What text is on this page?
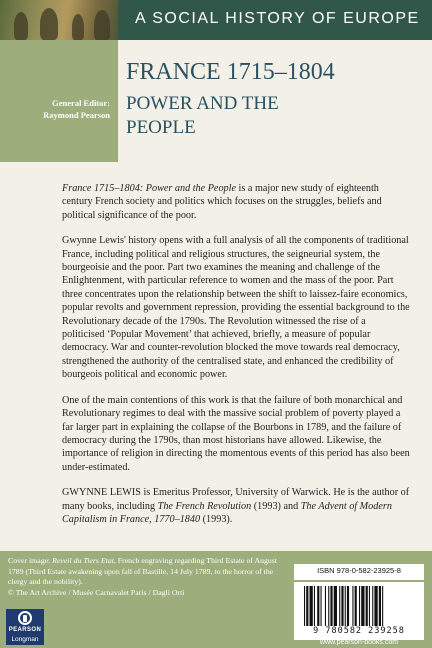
A SOCIAL HISTORY OF EUROPE
General Editor:
Raymond Pearson
FRANCE 1715–1804
POWER AND THE PEOPLE

France 1715–1804: Power and the People is a major new study of eighteenth century French society and politics which focuses on the struggles, beliefs and political significance of the poor.

Gwynne Lewis' history opens with a full analysis of all the components of traditional France, including political and religious structures, the seigneurial system, the bourgeoisie and the poor. Part two examines the meaning and challenge of the Enlightenment, with particular reference to women and the mass of the poor. Part three concentrates upon the relationship between the shift to laissez-faire economics, popular revolts and government repression, providing the essential background to the Revolutionary decade of the 1790s. The Revolution witnessed the rise of a politicised ‘Popular Movement’ that achieved, briefly, a measure of popular democracy. War and counter-revolution blocked the move towards real democracy, strengthened the authority of the centralised state, and enhanced the credibility of bourgeois political and economic power.

One of the main contentions of this work is that the failure of both monarchical and Revolutionary regimes to deal with the massive social problem of poverty played a far larger part in explaining the collapse of the Bourbons in 1789, and the failure of democracy during the 1790s, than most historians have allowed. Likewise, the importance of religion in directing the momentous events of this period has also been under-estimated.

GWYNNE LEWIS is Emeritus Professor, University of Warwick. He is the author of many books, including The French Revolution (1993) and The Advent of Modern Capitalism in France, 1770–1840 (1993).

Cover image: Reveil du Tiers Etat, French engraving regarding Third Estate of August 1789 (Third Estate awakening upon fall of Bastille, 14 July 1789, to the horror of the clergy and the nobility).
© The Art Archive / Musée Carnavalet Paris / Dagli Orti
PEARSON
Longman
ISBN 978-0-582-23925-8
9 780582 239258
www.pearson-books.com
